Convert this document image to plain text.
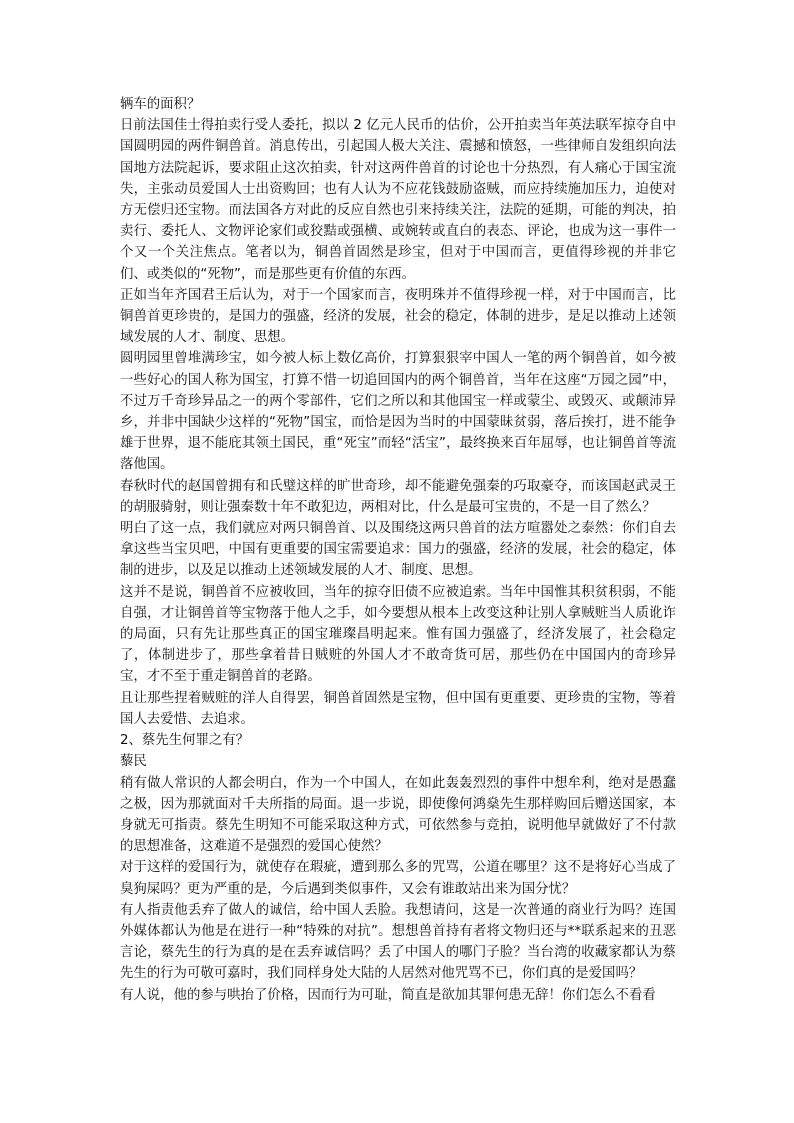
辆车的面积？

日前法国佳士得拍卖行受人委托，拟以 2 亿元人民币的估价，公开拍卖当年英法联军掠夺自中国圆明园的两件铜兽首。消息传出，引起国人极大关注、震撼和愤怒，一些律师自发组织向法国地方法院起诉，要求阻止这次拍卖，针对这两件兽首的讨论也十分热烈，有人痛心于国宝流失，主张动员爱国人士出资购回；也有人认为不应花钱鼓励盗贼，而应持续施加压力，迫使对方无偿归还宝物。而法国各方对此的反应自然也引来持续关注，法院的延期，可能的判决，拍卖行、委托人、文物评论家们或狡黠或强横、或婉转或直白的表态、评论，也成为这一事件一个又一个关注焦点。笔者以为，铜兽首固然是珍宝，但对于中国而言，更值得珍视的并非它们、或类似的“死物”，而是那些更有价值的东西。

正如当年齐国君王后认为，对于一个国家而言，夜明珠并不值得珍视一样，对于中国而言，比铜兽首更珍贵的，是国力的强盛，经济的发展，社会的稳定，体制的进步，是足以推动上述领域发展的人才、制度、思想。

圆明园里曾堆满珍宝，如今被人标上数亿高价，打算狠狠宰中国人一笔的两个铜兽首，如今被一些好心的国人称为国宝，打算不惜一切追回国内的两个铜兽首，当年在这座“万园之园”中，不过万千奇珍异品之一的两个零部件，它们之所以和其他国宝一样或蒙尘、或毁灭、或颠沛异乡，并非中国缺少这样的“死物”国宝，而恰是因为当时的中国蒙昧贫弱，落后挨打，进不能争雄于世界，退不能庇其领土国民，重“死宝”而轻“活宝”，最终换来百年屈辱，也让铜兽首等流落他国。

春秋时代的赵国曾拥有和氏璧这样的旷世奇珍，却不能避免强秦的巧取豪夺，而该国赵武灵王的胡服骑射，则让强秦数十年不敢犯边，两相对比，什么是最可宝贵的，不是一目了然么？

明白了这一点，我们就应对两只铜兽首、以及围绕这两只兽首的法方喧嚣处之泰然：你们自去拿这些当宝贝吧，中国有更重要的国宝需要追求：国力的强盛，经济的发展，社会的稳定，体制的进步，以及足以推动上述领域发展的人才、制度、思想。

这并不是说，铜兽首不应被收回，当年的掠夺旧债不应被追索。当年中国惟其积贫积弱，不能自强，才让铜兽首等宝物落于他人之手，如今要想从根本上改变这种让别人拿贼赃当人质讹诈的局面，只有先让那些真正的国宝璀璨昌明起来。惟有国力强盛了，经济发展了，社会稳定了，体制进步了，那些拿着昔日贼赃的外国人才不敢奇货可居，那些仍在中国国内的奇珍异宝，才不至于重走铜兽首的老路。

且让那些捏着贼赃的洋人自得罢，铜兽首固然是宝物，但中国有更重要、更珍贵的宝物，等着国人去爱惜、去追求。

2、蔡先生何罪之有？

藜民

稍有做人常识的人都会明白，作为一个中国人，在如此轰轰烈烈的事件中想牟利，绝对是愚蠢之极，因为那就面对千夫所指的局面。退一步说，即使像何鸿燊先生那样购回后赠送国家，本身就无可指责。蔡先生明知不可能采取这种方式，可依然参与竞拍，说明他早就做好了不付款的思想准备，这难道不是强烈的爱国心使然？

对于这样的爱国行为，就使存在瑕疵，遭到那么多的咒骂，公道在哪里？这不是将好心当成了臭狗屎吗？更为严重的是，今后遇到类似事件，又会有谁敢站出来为国分忧？

有人指责他丢弃了做人的诚信，给中国人丢脸。我想请问，这是一次普通的商业行为吗？连国外媒体都认为他是在进行一种“特殊的对抗”。想想兽首持有者将文物归还与**联系起来的丑恶言论，蔡先生的行为真的是在丢弃诚信吗？丢了中国人的哪门子脸？当台湾的收藏家都认为蔡先生的行为可敬可嘉时，我们同样身处大陆的人居然对他咒骂不已，你们真的是爱国吗？

有人说，他的参与哄抬了价格，因而行为可耻，简直是欲加其罪何患无辞！你们怎么不看看
